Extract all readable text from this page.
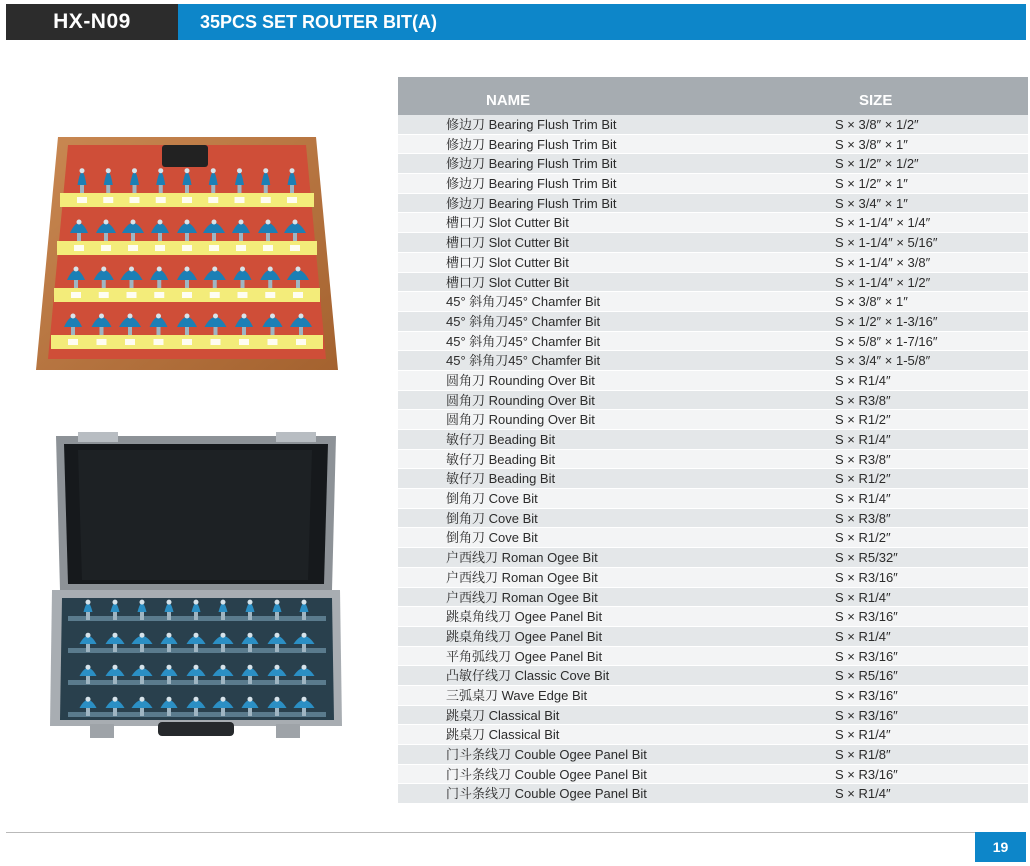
HX-N09	35PCS SET ROUTER BIT(A)
NAME	SIZE
修边刀 Bearing Flush Trim Bit	S × 3/8″ × 1/2″
修边刀 Bearing Flush Trim Bit	S × 3/8″ × 1″
修边刀 Bearing Flush Trim Bit	S × 1/2″ × 1/2″
修边刀 Bearing Flush Trim Bit	S × 1/2″ × 1″
修边刀 Bearing Flush Trim Bit	S × 3/4″ × 1″
槽口刀 Slot Cutter Bit	S × 1-1/4″ × 1/4″
槽口刀 Slot Cutter Bit	S × 1-1/4″ × 5/16″
槽口刀 Slot Cutter Bit	S × 1-1/4″ × 3/8″
槽口刀 Slot Cutter Bit	S × 1-1/4″ × 1/2″
45° 斜角刀45° Chamfer Bit	S × 3/8″ × 1″
45° 斜角刀45° Chamfer Bit	S × 1/2″ × 1-3/16″
45° 斜角刀45° Chamfer Bit	S × 5/8″ × 1-7/16″
45° 斜角刀45° Chamfer Bit	S × 3/4″ × 1-5/8″
圆角刀 Rounding Over Bit	S × R1/4″
圆角刀 Rounding Over Bit	S × R3/8″
圆角刀 Rounding Over Bit	S × R1/2″
敏仔刀 Beading Bit	S × R1/4″
敏仔刀 Beading Bit	S × R3/8″
敏仔刀 Beading Bit	S × R1/2″
倒角刀 Cove Bit	S × R1/4″
倒角刀 Cove Bit	S × R3/8″
倒角刀 Cove Bit	S × R1/2″
户西线刀 Roman Ogee Bit	S × R5/32″
户西线刀 Roman Ogee Bit	S × R3/16″
户西线刀 Roman Ogee Bit	S × R1/4″
跳桌角线刀 Ogee Panel Bit	S × R3/16″
跳桌角线刀 Ogee Panel Bit	S × R1/4″
平角弧线刀 Ogee Panel Bit	S × R3/16″
凸敏仔线刀 Classic Cove Bit	S × R5/16″
三弧桌刀 Wave Edge Bit	S × R3/16″
跳桌刀 Classical Bit	S × R3/16″
跳桌刀 Classical Bit	S × R1/4″
门斗条线刀 Couble Ogee Panel Bit	S × R1/8″
门斗条线刀 Couble Ogee Panel Bit	S × R3/16″
门斗条线刀 Couble Ogee Panel Bit	S × R1/4″
19
